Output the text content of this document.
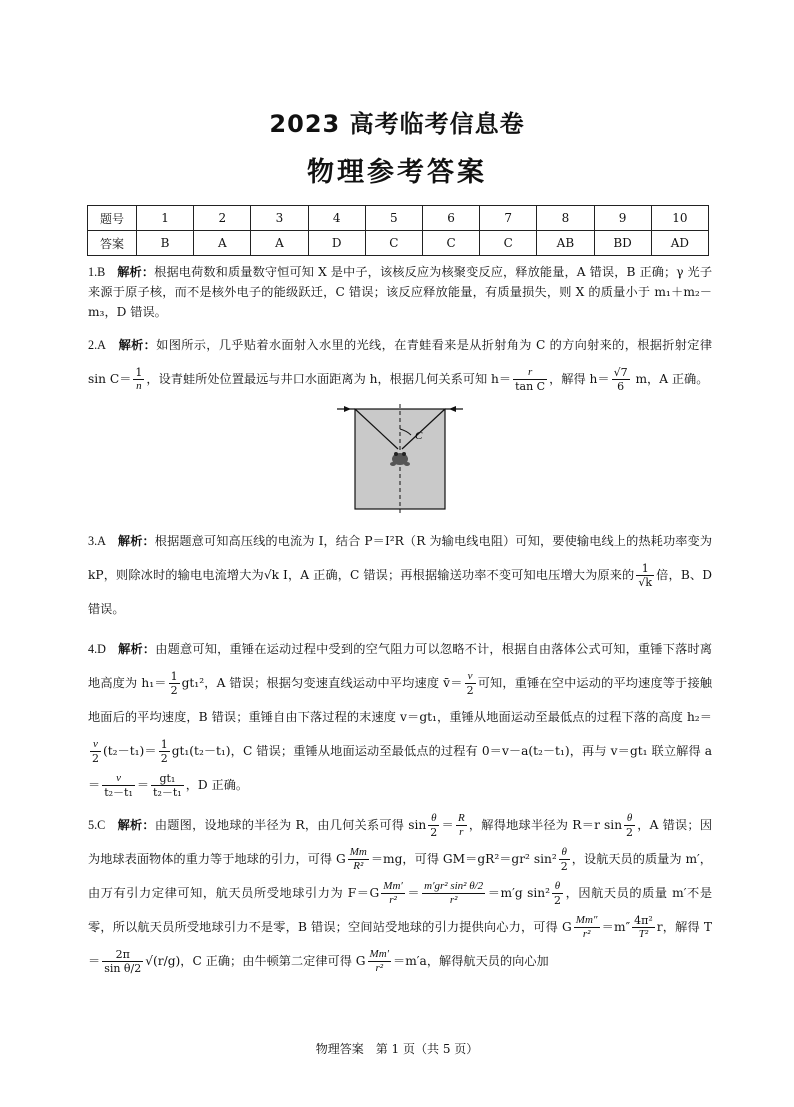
2023 高考临考信息卷
物理参考答案
题号	1	2	3	4	5	6	7	8	9	10
答案	B	A	A	D	C	C	C	AB	BD	AD

1.B 解析：根据电荷数和质量数守恒可知 X 是中子，该核反应为核聚变反应，释放能量，A 错误，B 正确；γ 光子来源于原子核，而不是核外电子的能级跃迁，C 错误；该反应释放能量，有质量损失，则 X 的质量小于 m₁＋m₂－m₃，D 错误。

2.A 解析：如图所示，几乎贴着水面射入水里的光线，在青蛙看来是从折射角为 C 的方向射来的，根据折射定律 $\sin C= \frac{1}{n}$ ，设青蛙所处位置最远与井口水面距离为 h，根据几何关系可知 $h= \frac{r}{\text{tan C}}$ ，解得 $h= \frac{√7}{6}$ m，A 正确。

C

3.A 解析：根据题意可知高压线的电流为 I，结合 P＝I²R（R 为输电线电阻）可知，要使输电线上的热耗功率变为 kP，则除冰时的输电电流增大为√k I，A 正确，C 错误；再根据输送功率不变可知电压增大为原来的 $\frac{1}{√k}$ 倍，B、D 错误。

4.D 解析：由题意可知，重锤在运动过程中受到的空气阻力可以忽略不计，根据自由落体公式可知，重锤下落时离地高度为 $h_1= \frac{1}{2} gt_1^2$，A 错误；根据匀变速直线运动中平均速度 v̄＝ $\frac{v}{2}$ 可知，重锤在空中运动的平均速度等于接触地面后的平均速度，B 错误；重锤自由下落过程的末速度 v＝gt₁，重锤从地面运动至最低点的过程下落的高度 h₂＝
$\frac{v}{2} (t_2-t_1)= \frac{1}{2} gt_1(t_2-t_1)$，C 错误；重锤从地面运动至最低点的过程有 0＝v－a(t₂－t₁)，再与 v＝gt₁ 联立解得 $a= \frac{v}{\text{t₂－t₁}} = \frac{\text{gt₁}}{\text{t₂－t₁}}$ ，D 正确。

5.C 解析：由题图，设地球的半径为 R，由几何关系可得 $\sin \frac{\theta}{2} = \frac{R}{r}$ ，解得地球半径为 R＝r $\sin \frac{\theta}{2}$ ，A 错误；因为地球表面物体的重力等于地球的引力，可得 G $\frac{Mm}{\text{R²}} =mg$，可得 GM＝gR²＝gr² $\sin^2 \frac{\theta}{2}$ ，设航天员的质量为 m′，由万有引力定律可知，航天员所受地球引力为 $F=G \frac{Mm'}{\text{r²}} = \frac{\text{m′gr² sin² θ/2}}{\text{r²}} =m'g$ $\sin^2 \frac{\theta}{2}$ ，因航天员的质量 m′不是零，所以航天员所受地球引力不是零，B 错误；空间站受地球的引力提供向心力，可得 G $\frac{Mm''}{\text{r²}} =m'' \frac{\text{4π²}}{\text{T²}}$ r，解得 $T= \frac{2\pi}{\text{sin θ/2}} √(r/g)$，C 正确；由牛顿第二定律可得 G $\frac{Mm'}{\text{r²}} =m'a$，解得航天员的向心加

物理答案　第 1 页（共 5 页）
